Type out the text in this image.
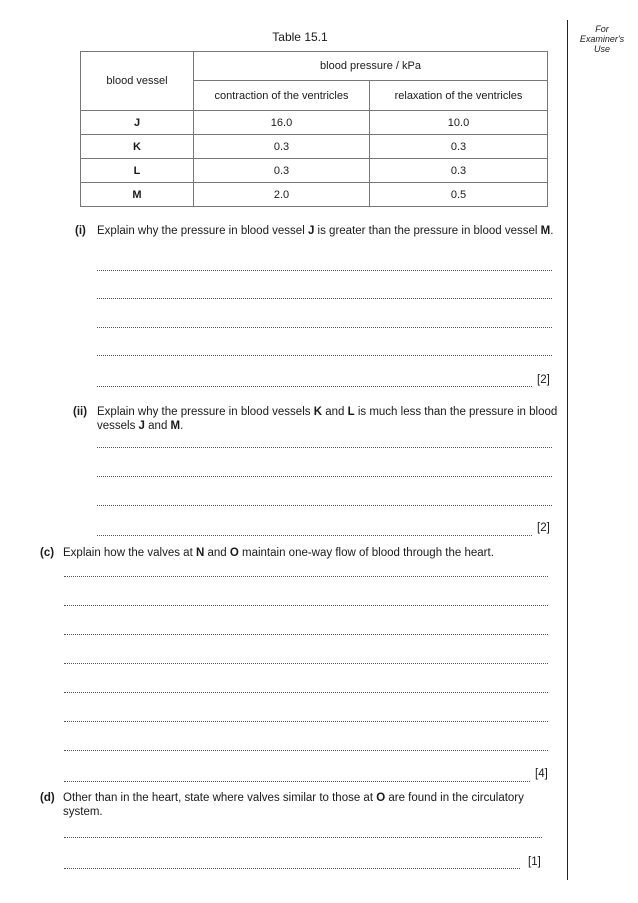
For
Examiner's
Use
Table 15.1
blood vessel	blood pressure / kPa	
	contraction of the ventricles	relaxation of the ventricles
J	16.0	10.0
K	0.3	0.3
L	0.3	0.3
M	2.0	0.5
(i) Explain why the pressure in blood vessel J is greater than the pressure in blood vessel M.
[2]
(ii) Explain why the pressure in blood vessels K and L is much less than the pressure in blood vessels J and M.
[2]
(c) Explain how the valves at N and O maintain one-way flow of blood through the heart.
[4]
(d) Other than in the heart, state where valves similar to those at O are found in the circulatory system.
[1]
